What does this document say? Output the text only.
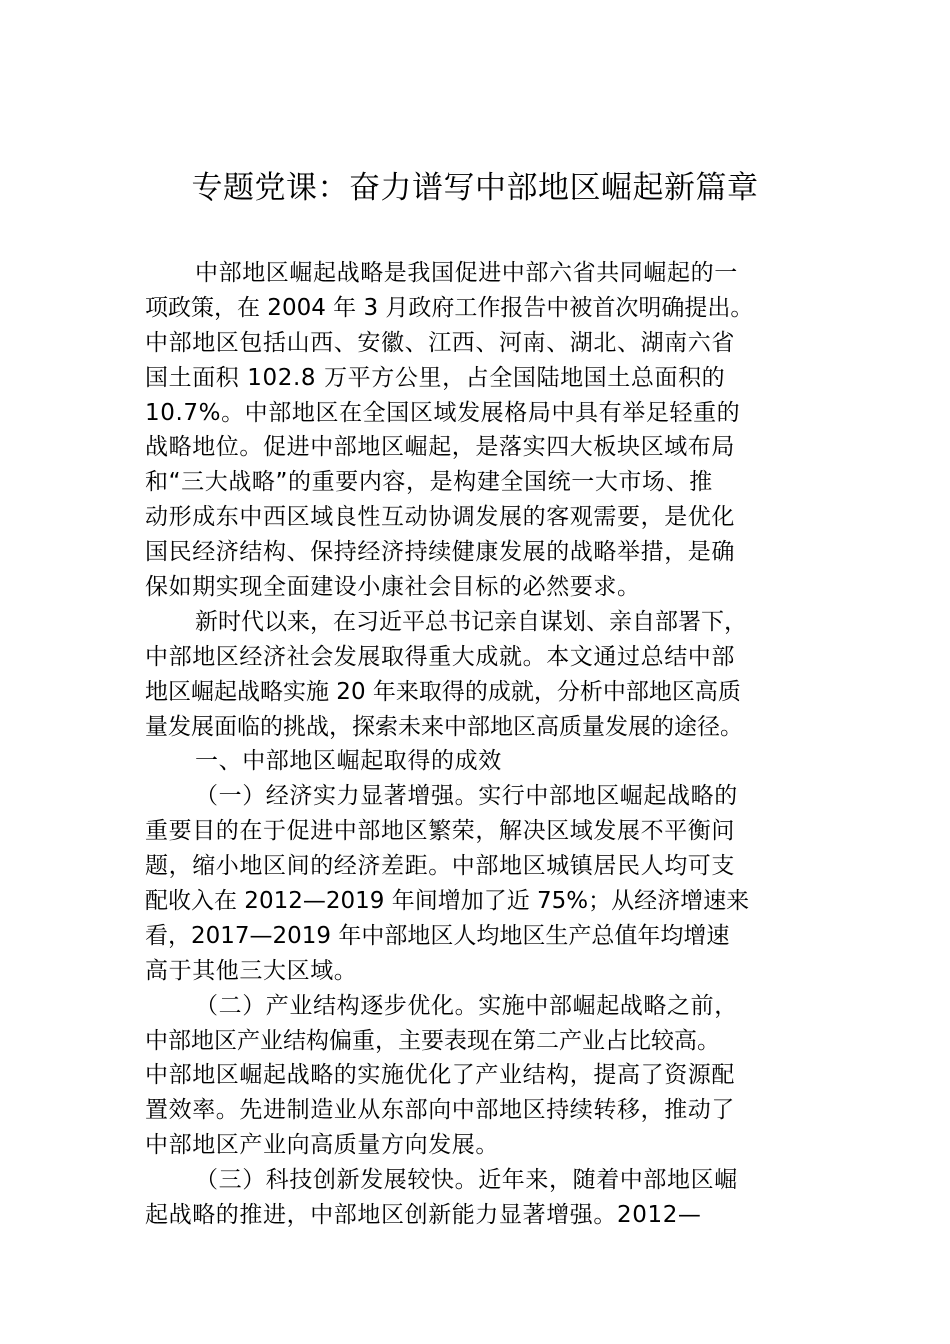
专题党课：奋力谱写中部地区崛起新篇章
中部地区崛起战略是我国促进中部六省共同崛起的一
项政策，在 2004 年 3 月政府工作报告中被首次明确提出。
中部地区包括山西、安徽、江西、河南、湖北、湖南六省
国土面积 102.8 万平方公里，占全国陆地国土总面积的
10.7%。中部地区在全国区域发展格局中具有举足轻重的
战略地位。促进中部地区崛起，是落实四大板块区域布局
和“三大战略”的重要内容，是构建全国统一大市场、推
动形成东中西区域良性互动协调发展的客观需要，是优化
国民经济结构、保持经济持续健康发展的战略举措，是确
保如期实现全面建设小康社会目标的必然要求。
新时代以来，在习近平总书记亲自谋划、亲自部署下，
中部地区经济社会发展取得重大成就。本文通过总结中部
地区崛起战略实施 20 年来取得的成就，分析中部地区高质
量发展面临的挑战，探索未来中部地区高质量发展的途径。
一、中部地区崛起取得的成效
（一）经济实力显著增强。实行中部地区崛起战略的
重要目的在于促进中部地区繁荣，解决区域发展不平衡问
题，缩小地区间的经济差距。中部地区城镇居民人均可支
配收入在 2012—2019 年间增加了近 75%；从经济增速来
看，2017—2019 年中部地区人均地区生产总值年均增速
高于其他三大区域。
（二）产业结构逐步优化。实施中部崛起战略之前，
中部地区产业结构偏重，主要表现在第二产业占比较高。
中部地区崛起战略的实施优化了产业结构，提高了资源配
置效率。先进制造业从东部向中部地区持续转移，推动了
中部地区产业向高质量方向发展。
（三）科技创新发展较快。近年来，随着中部地区崛
起战略的推进，中部地区创新能力显著增强。2012—
